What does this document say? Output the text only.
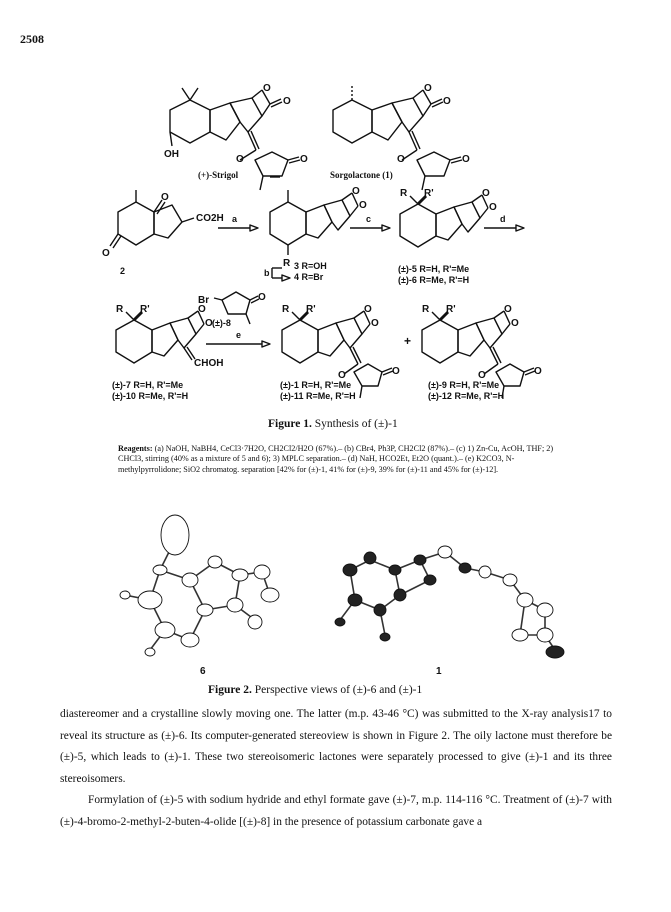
2508
OH
O
O
O	O
O
O
O	O
(+)-Strigol	Sorgolactone (1)
O
O
CO2H
O
O
R
O
O
R R'
a	c	d
b
2	3 R=OH
4 R=Br
(±)-5 R=H, R'=Me
(±)-6 R=Me, R'=H
O
O
R R'
CHOH
Br	O
O
O
O	O
R R'	O
O
O	O
R R'
e
(±)-8
+
(±)-7 R=H, R'=Me
(±)-10 R=Me, R'=H
(±)-1 R=H, R'=Me
(±)-11 R=Me, R'=H
(±)-9 R=H, R'=Me
(±)-12 R=Me, R'=H
Figure 1. Synthesis of (±)-1
Reagents: (a) NaOH, NaBH4, CeCl3·7H2O, CH2Cl2/H2O (67%).– (b) CBr4, Ph3P, CH2Cl2 (87%).– (c) 1) Zn-Cu, AcOH, THF; 2) CHCl3, stirring (40% as a mixture of 5 and 6); 3) MPLC separation.– (d) NaH, HCO2Et, Et2O (quant.).– (e) K2CO3, N-methylpyrrolidone; SiO2 chromatog. separation [42% for (±)-1, 41% for (±)-9, 39% for (±)-11 and 45% for (±)-12].
6	1
Figure 2. Perspective views of (±)-6 and (±)-1
diastereomer and a crystalline slowly moving one. The latter (m.p. 43-46 °C) was submitted to the X-ray analysis17 to reveal its structure as (±)-6. Its computer-generated stereoview is shown in Figure 2. The oily lactone must therefore be (±)-5, which leads to (±)-1. These two stereoisomeric lactones were separately processed to give (±)-1 and its three stereoisomers.
Formylation of (±)-5 with sodium hydride and ethyl formate gave (±)-7, m.p. 114-116 °C. Treatment of (±)-7 with (±)-4-bromo-2-methyl-2-buten-4-olide [(±)-8] in the presence of potassium carbonate gave a
